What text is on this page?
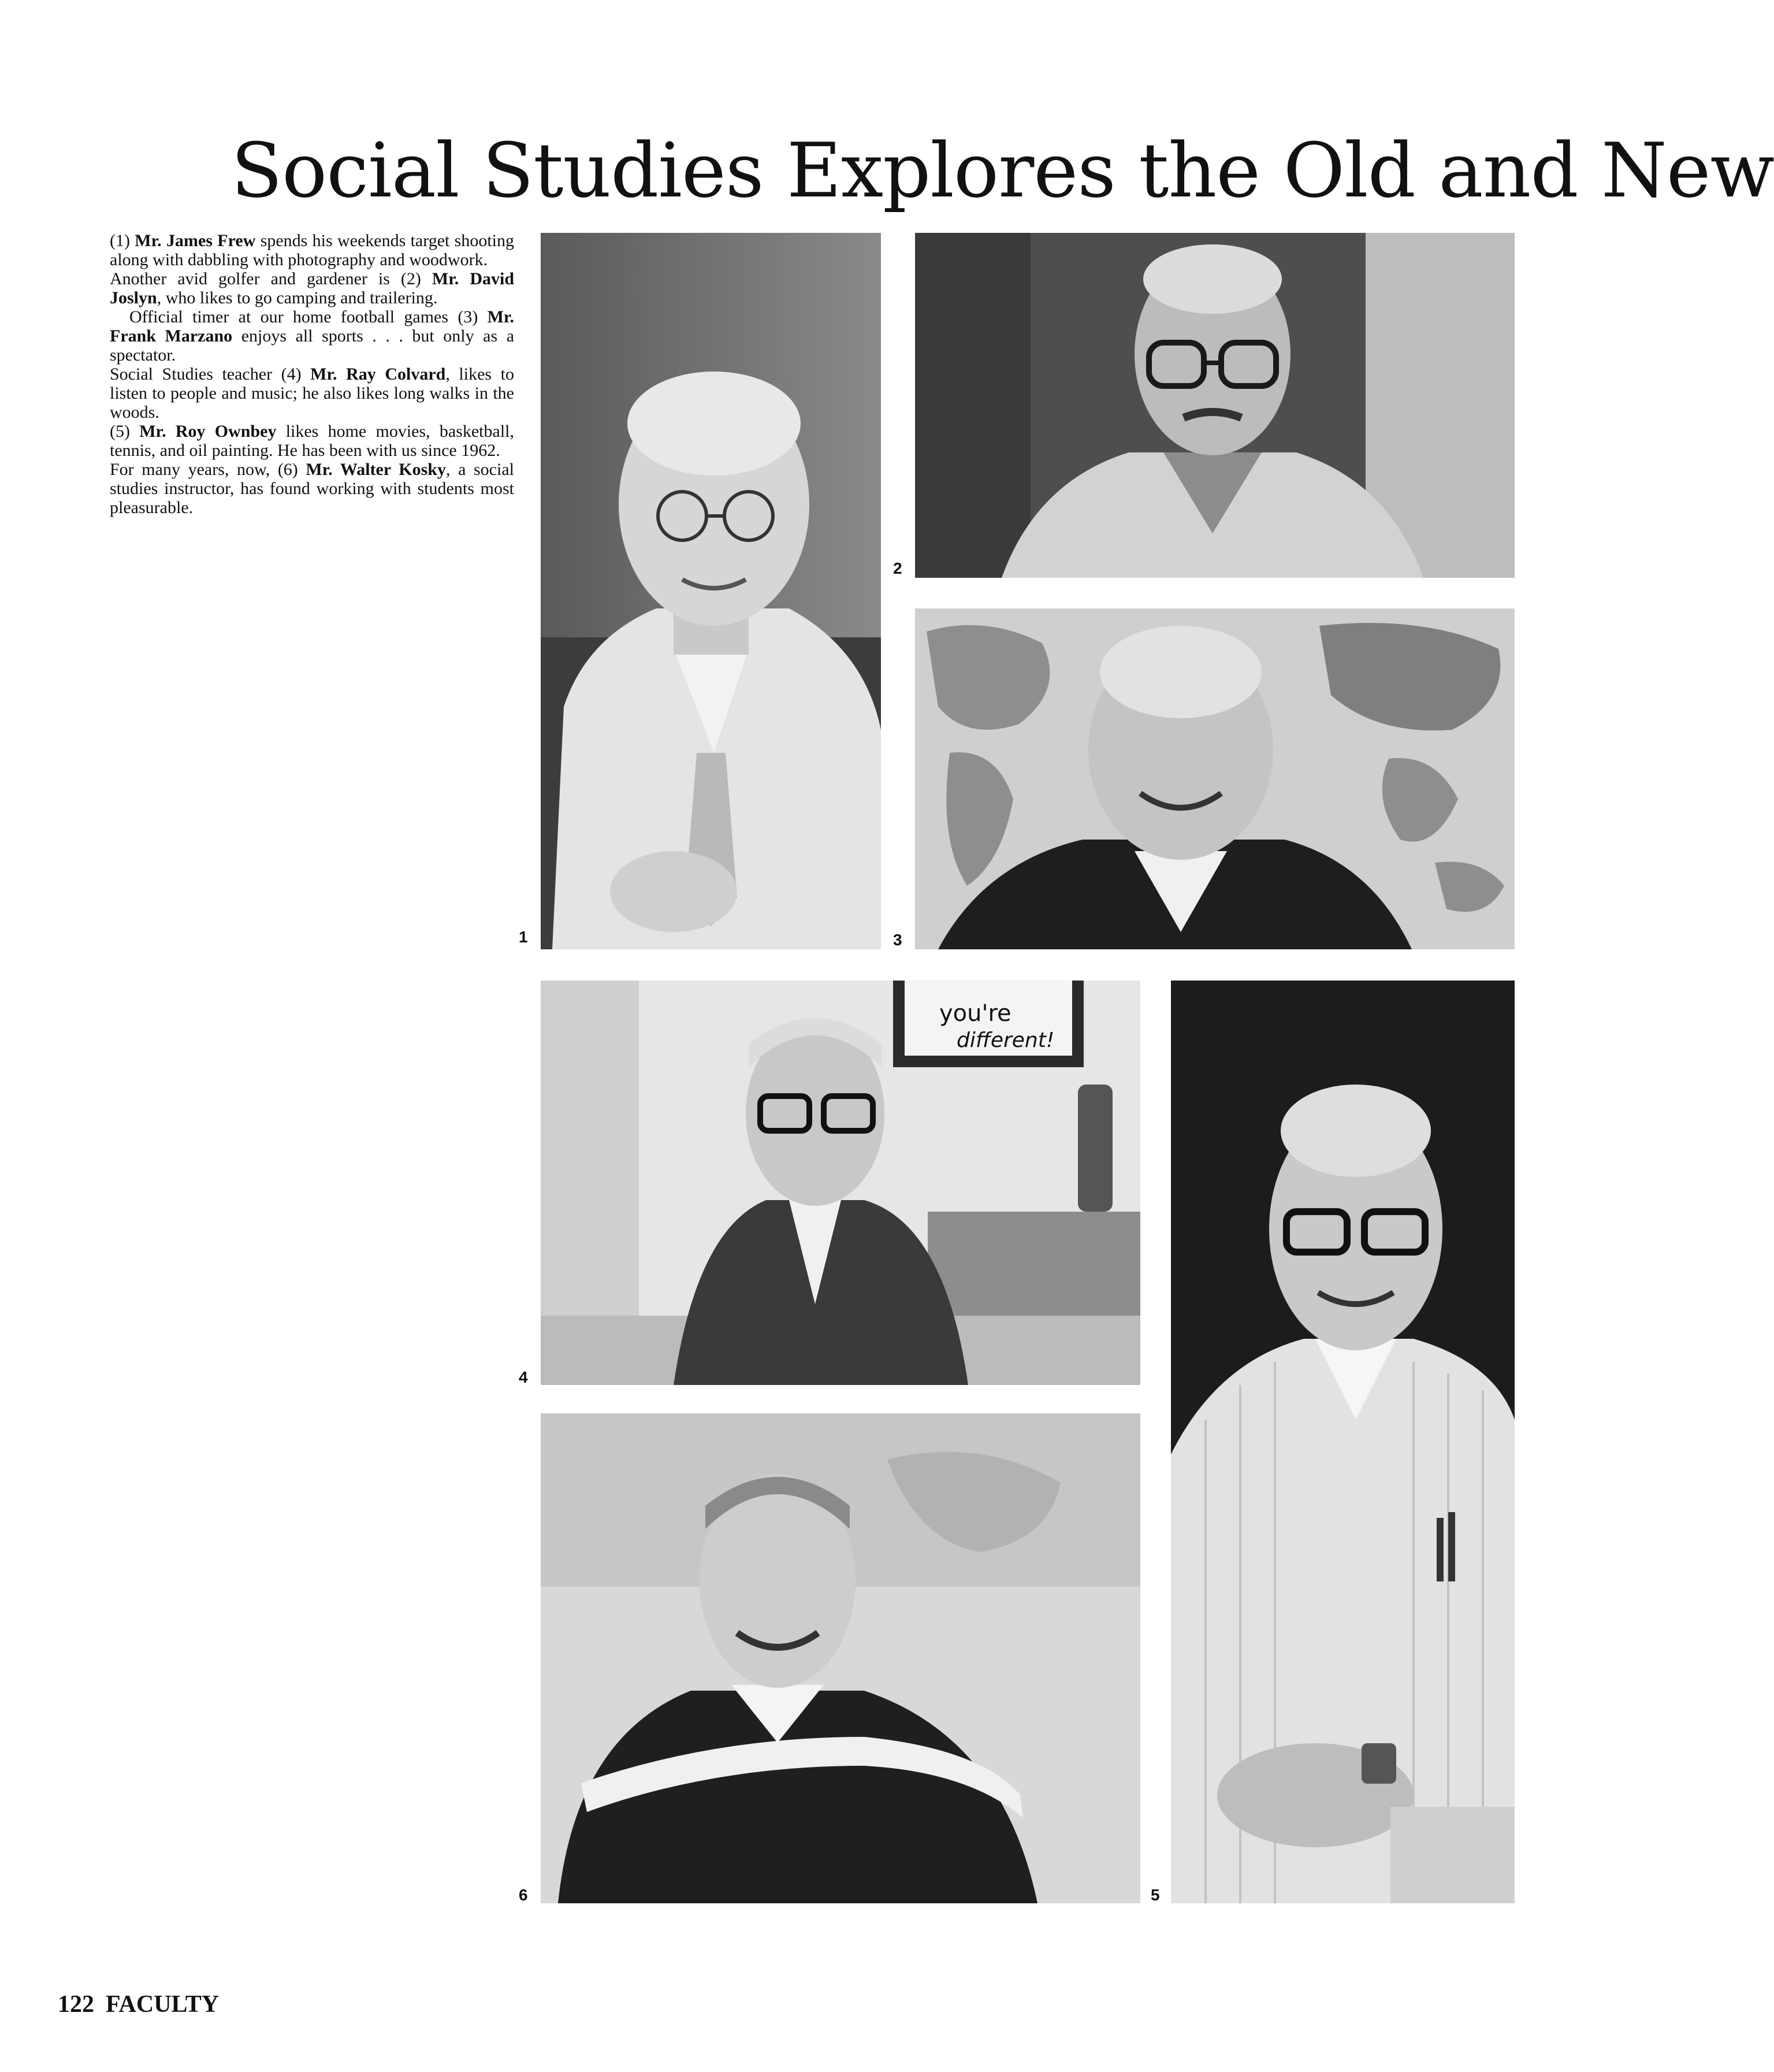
Social Studies Explores the Old and New

(1) Mr. James Frew spends his weekends target shooting along with dabbling with photography and woodwork.

Another avid golfer and gardener is (2) Mr. David Joslyn, who likes to go camping and trailering.

Official timer at our home football games (3) Mr. Frank Marzano enjoys all sports . . . but only as a spectator.

Social Studies teacher (4) Mr. Ray Colvard, likes to listen to people and music; he also likes long walks in the woods.

(5) Mr. Roy Ownbey likes home movies, basketball, tennis, and oil painting. He has been with us since 1962.

For many years, now, (6) Mr. Walter Kosky, a social studies instructor, has found working with students most pleasurable.

1
2
3
you're
different!
4
5
6
122 FACULTY
